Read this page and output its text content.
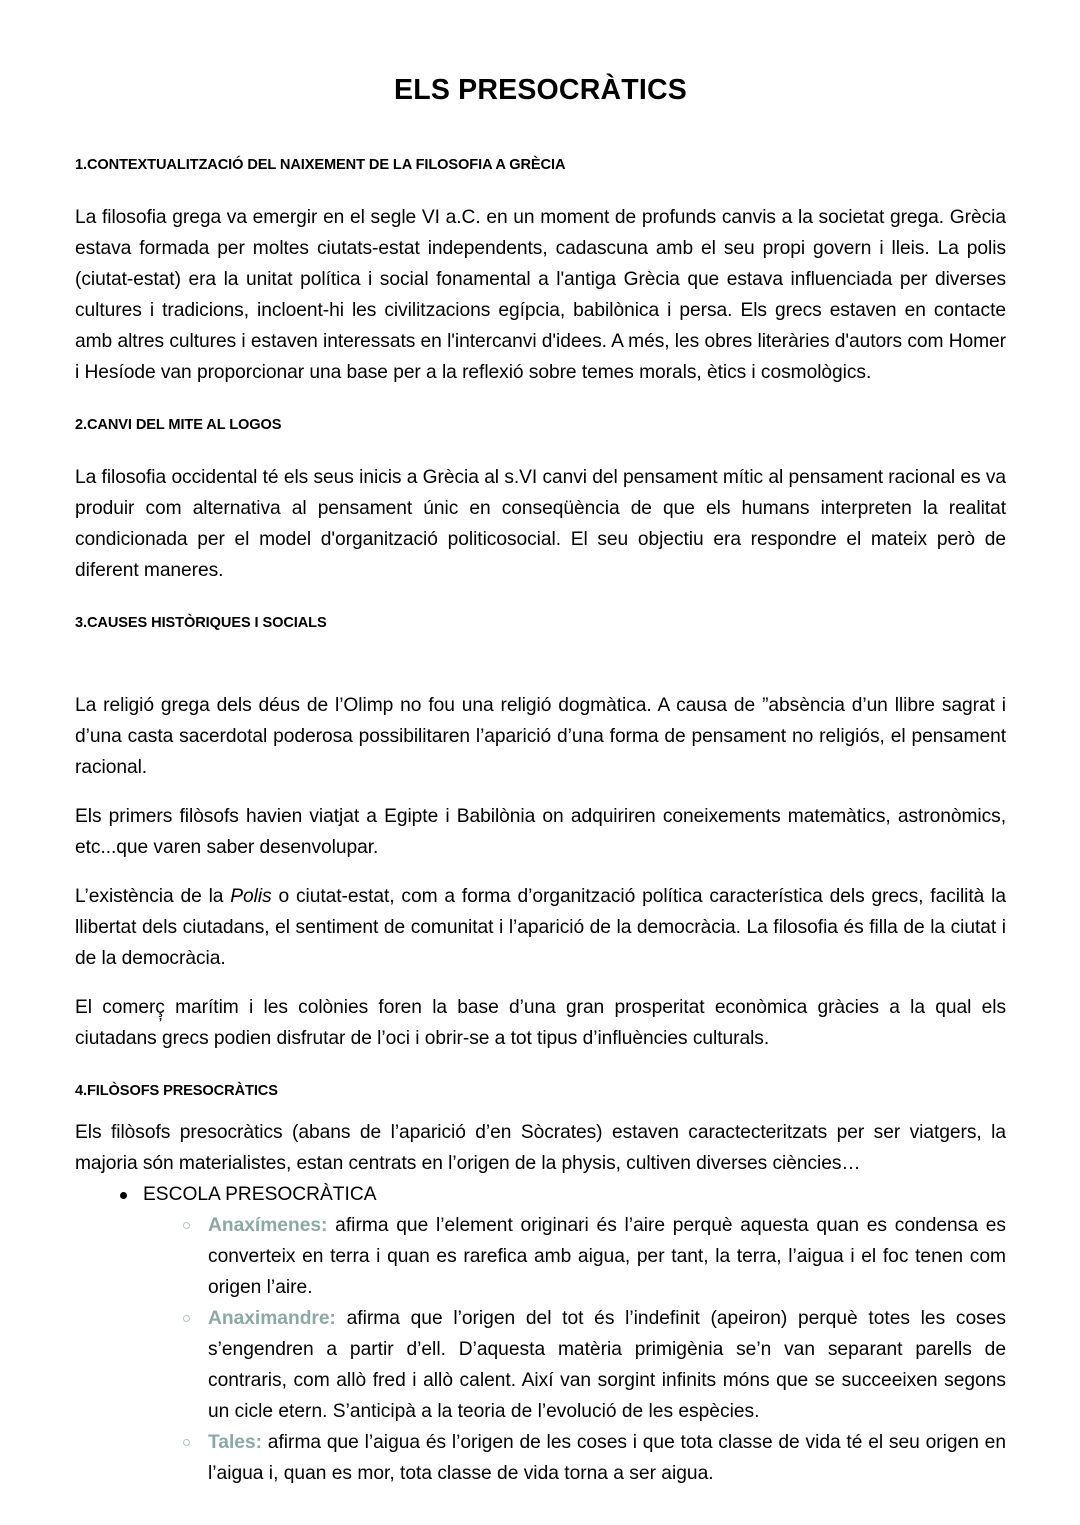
ELS PRESOCRÀTICS
1.CONTEXTUALITZACIÓ DEL NAIXEMENT DE LA FILOSOFIA A GRÈCIA

La filosofia grega va emergir en el segle VI a.C. en un moment de profunds canvis a la societat grega. Grècia estava formada per moltes ciutats-estat independents, cadascuna amb el seu propi govern i lleis. La polis (ciutat-estat) era la unitat política i social fonamental a l'antiga Grècia que estava influenciada per diverses cultures i tradicions, incloent-hi les civilitzacions egípcia, babilònica i persa. Els grecs estaven en contacte amb altres cultures i estaven interessats en l'intercanvi d'idees. A més, les obres literàries d'autors com Homer i Hesíode van proporcionar una base per a la reflexió sobre temes morals, ètics i cosmològics.

2.CANVI DEL MITE AL LOGOS

La filosofia occidental té els seus inicis a Grècia al s.VI canvi del pensament mític al pensament racional es va produir com alternativa al pensament únic en conseqüència de que els humans interpreten la realitat condicionada per el model d'organització politicosocial. El seu objectiu era respondre el mateix però de diferent maneres.

3.CAUSES HISTÒRIQUES I SOCIALS

La religió grega dels déus de l’Olimp no fou una religió dogmàtica. A causa de ”absència d’un llibre sagrat i d’una casta sacerdotal poderosa possibilitaren l’aparició d’una forma de pensament no religiós, el pensament racional.

Els primers filòsofs havien viatjat a Egipte i Babilònia on adquiriren coneixements matemàtics, astronòmics, etc...que varen saber desenvolupar.

L’existència de la Polis o ciutat-estat, com a forma d’organització política característica dels grecs, facilità la llibertat dels ciutadans, el sentiment de comunitat i l’aparició de la democràcia. La filosofia és filla de la ciutat i de la democràcia.

El comerç̦ marítim i les colònies foren la base d’una gran prosperitat econòmica gràcies a la qual els ciutadans grecs podien disfrutar de l’oci i obrir-se a tot tipus d’influències culturals.

4.FILÒSOFS PRESOCRÀTICS

Els filòsofs presocràtics (abans de l’aparició d’en Sòcrates) estaven caractecteritzats per ser viatgers, la majoria són materialistes, estan centrats en l’origen de la physis, cultiven diverses ciències…

ESCOLA PRESOCRÀTICA
Anaxímenes: afirma que l’element originari és l’aire perquè aquesta quan es condensa es converteix en terra i quan es rarefica amb aigua, per tant, la terra, l’aigua i el foc tenen com origen l’aire.
Anaximandre: afirma que l’origen del tot és l’indefinit (apeiron) perquè totes les coses s’engendren a partir d’ell. D’aquesta matèria primigènia se’n van separant parells de contraris, com allò fred i allò calent. Així van sorgint infinits móns que se succeeixen segons un cicle etern. S’anticipà a la teoria de l’evolució de les espècies.
Tales: afirma que l’aigua és l’origen de les coses i que tota classe de vida té el seu origen en l’aigua i, quan es mor, tota classe de vida torna a ser aigua.
